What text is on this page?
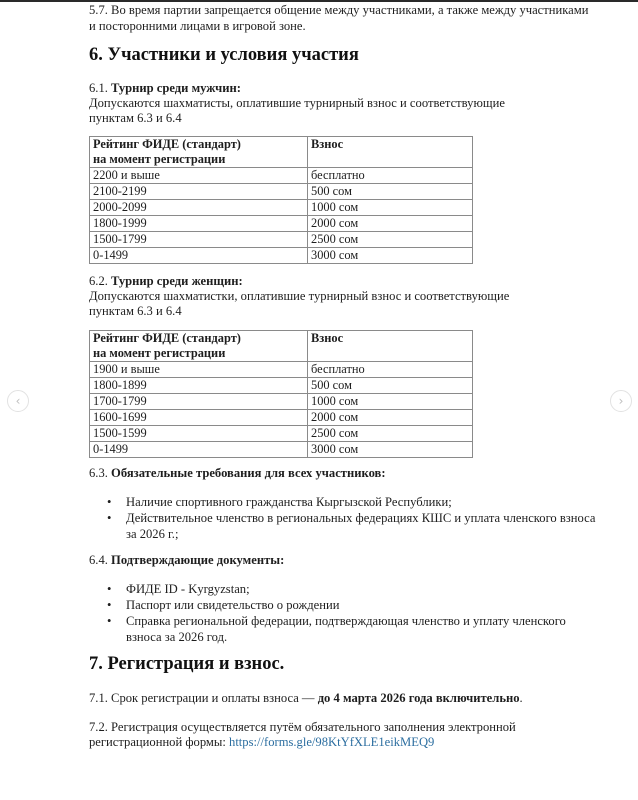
5.7. Во время партии запрещается общение между участниками, а также между участниками

и посторонними лицами в игровой зоне.

6. Участники и условия участия

6.1. Турнир среди мужчин:

Допускаются шахматисты, оплатившие турнирный взнос и соответствующие

пунктам 6.3 и 6.4

Рейтинг ФИДЕ (стандарт)
на момент регистрации	Взнос
2200 и выше	бесплатно
2100-2199	500 сом
2000-2099	1000 сом
1800-1999	2000 сом
1500-1799	2500 сом
0-1499	3000 сом

6.2. Турнир среди женщин:

Допускаются шахматистки, оплатившие турнирный взнос и соответствующие

пунктам 6.3 и 6.4

Рейтинг ФИДЕ (стандарт)
на момент регистрации	Взнос
1900 и выше	бесплатно
1800-1899	500 сом
1700-1799	1000 сом
1600-1699	2000 сом
1500-1599	2500 сом
0-1499	3000 сом

6.3. Обязательные требования для всех участников:

• Наличие спортивного гражданства Кыргызской Республики;
• Действительное членство в региональных федерациях КШС и уплата членского взноса
за 2026 г.;

6.4. Подтверждающие документы:

• ФИДЕ ID - Kyrgyzstan;
• Паспорт или свидетельство о рождении
• Справка региональной федерации, подтверждающая членство и уплату членского
взноса за 2026 год.
7. Регистрация и взнос.

7.1. Срок регистрации и оплаты взноса — до 4 марта 2026 года включительно.

7.2. Регистрация осуществляется путём обязательного заполнения электронной

регистрационной формы: https://forms.gle/98KtYfXLE1eikMEQ9

‹	›
